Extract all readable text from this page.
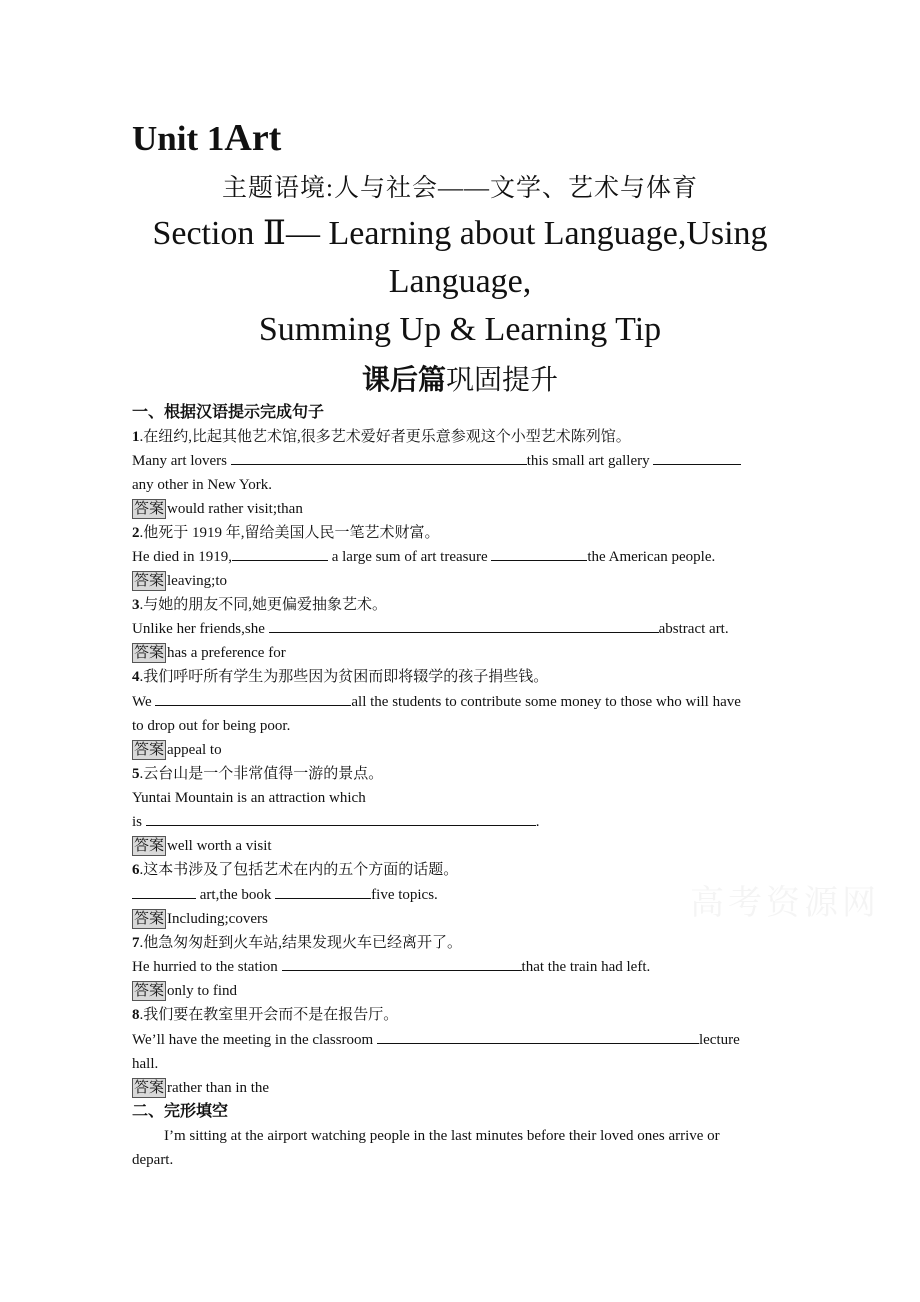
Unit 1Art
主题语境:人与社会——文学、艺术与体育
Section Ⅱ— Learning about Language,Using
Language,
Summing Up & Learning Tip
课后篇巩固提升
一、根据汉语提示完成句子
1.在纽约,比起其他艺术馆,很多艺术爱好者更乐意参观这个小型艺术陈列馆。
Many art lovers	this small art gallery
any other in New York.
答案 would rather visit;than
2.他死于 1919 年,留给美国人民一笔艺术财富。
He died in 1919,	a large sum of art treasure	the American people.
答案 leaving;to
3.与她的朋友不同,她更偏爱抽象艺术。
Unlike her friends,she	abstract art.
答案 has a preference for
4.我们呼吁所有学生为那些因为贫困而即将辍学的孩子捐些钱。
We	all the students to contribute some money to those who will have
to drop out for being poor.
答案 appeal to
5.云台山是一个非常值得一游的景点。
Yuntai Mountain is an attraction which
is	.
答案 well worth a visit
6.这本书涉及了包括艺术在内的五个方面的话题。
art,the book	five topics.
答案 Including;covers
7.他急匆匆赶到火车站,结果发现火车已经离开了。
He hurried to the station	that the train had left.
答案 only to find
8.我们要在教室里开会而不是在报告厅。
We’ll have the meeting in the classroom	lecture
hall.
答案 rather than in the
二、完形填空
I’m sitting at the airport watching people in the last minutes before their loved ones arrive or
depart.
高考资源网
